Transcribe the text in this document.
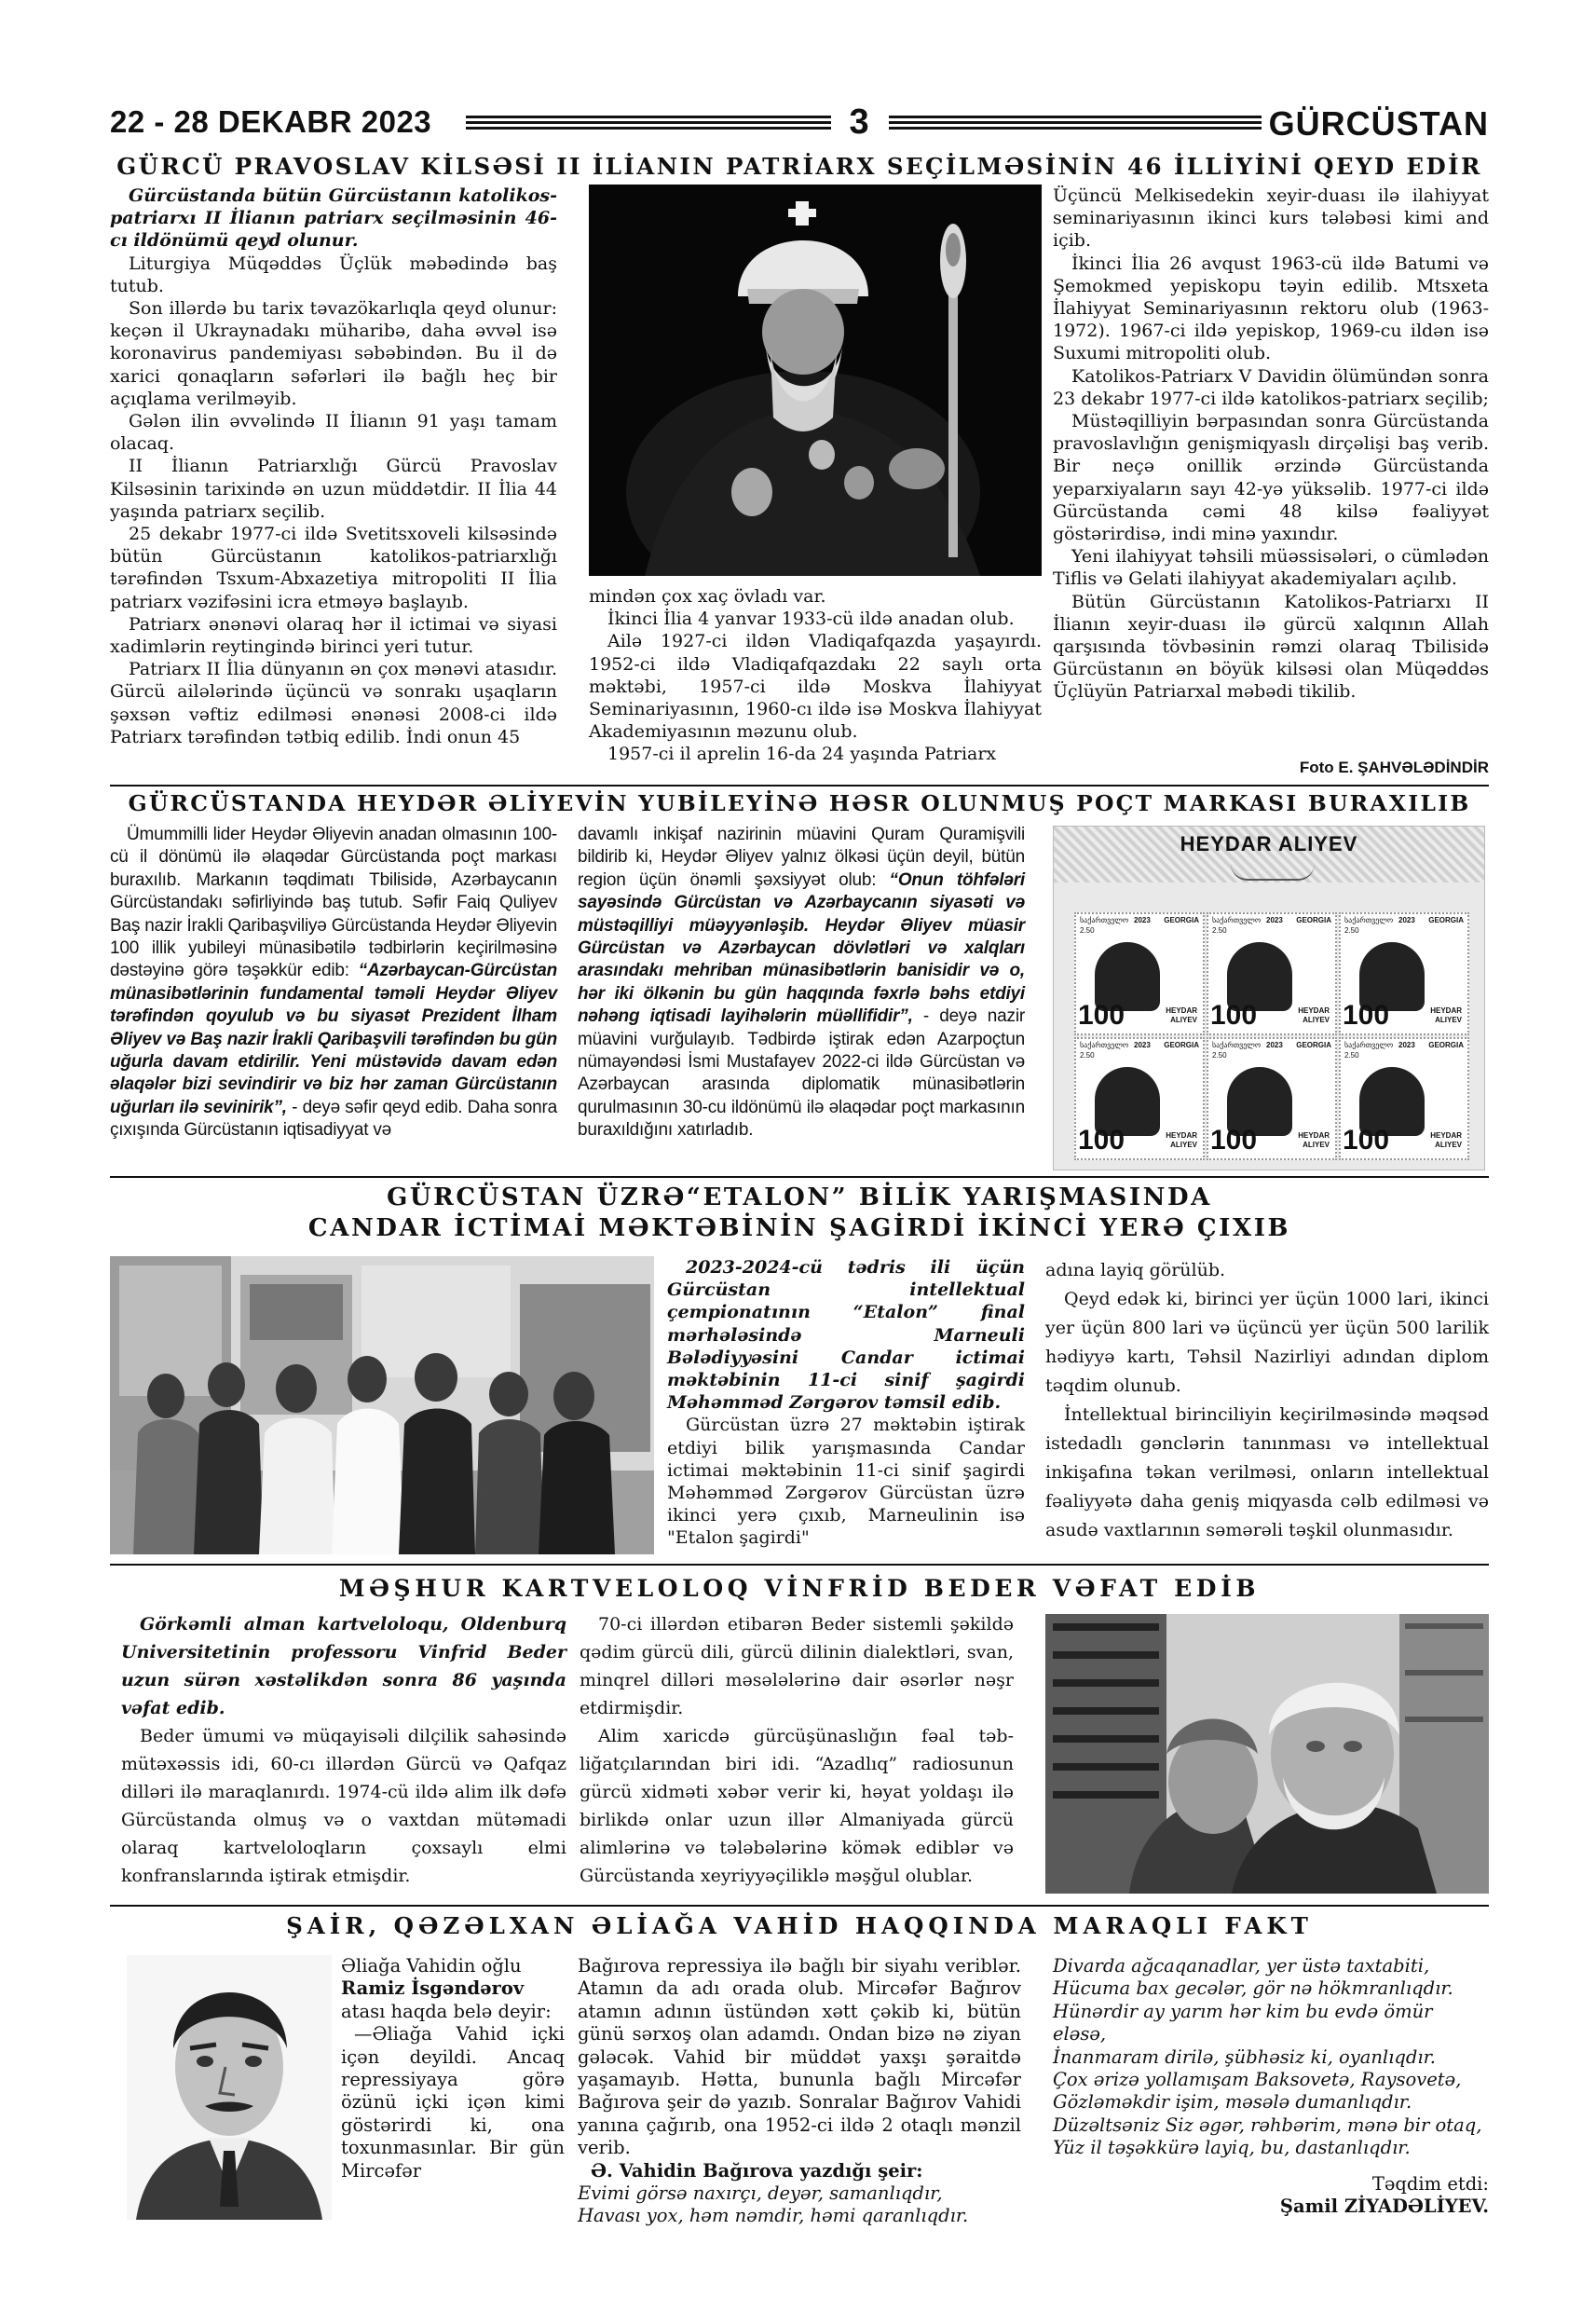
22 - 28 DEKABR 2023	3	GÜRCÜSTAN
GÜRCÜ PRAVOSLAV KİLSƏSİ II İLİANIN PATRİARX SEÇİLMƏSİNİN 46 İLLİYİNİ QEYD EDİR

Gürcüstanda bütün Gürcüstanın katolikos-patriarxı II İlianın patriarx seçilməsinin 46-cı ildönümü qeyd olunur.

Liturgiya Müqəddəs Üçlük məbədində baş tutub.

Son illərdə bu tarix təvazökarlıqla qeyd olunur: keçən il Ukraynadakı müharibə, daha əvvəl isə koronavirus pandemiyası səbəbindən. Bu il də xarici qonaqların səfərləri ilə bağlı heç bir açıqlama verilməyib.

Gələn ilin əvvəlində II İlianın 91 yaşı tamam olacaq.

II İlianın Patriarxlığı Gürcü Pravoslav Kilsəsinin tarixində ən uzun müddətdir. II İlia 44 yaşında patriarx seçilib.

25 dekabr 1977-ci ildə Svetitsxoveli kilsəsində bütün Gürcüstanın katolikos-patriarxlığı tərəfindən Tsxum-Abxazetiya mitropoliti II İlia patriarx vəzifəsini icra etməyə başlayıb.

Patriarx ənənəvi olaraq hər il ictimai və siyasi xadimlərin reytingində birinci yeri tutur.

Patriarx II İlia dünyanın ən çox mənəvi atasıdır. Gürcü ailələrində üçüncü və sonrakı uşaqların şəxsən vəftiz edilməsi ənənəsi 2008-ci ildə Patriarx tərəfindən tətbiq edilib. İndi onun 45

mindən çox xaç övladı var.

İkinci İlia 4 yanvar 1933-cü ildə anadan olub.

Ailə 1927-ci ildən Vladiqafqazda yaşayırdı. 1952-ci ildə Vladiqafqazdakı 22 saylı orta məktəbi, 1957-ci ildə Moskva İlahiyyat Seminariyasının, 1960-cı ildə isə Moskva İlahiyyat Akademiyasının məzunu olub.

1957-ci il aprelin 16-da 24 yaşında Patriarx

Üçüncü Melkisedekin xeyir-duası ilə ilahiyyat seminariyasının ikinci kurs tələbəsi kimi and içib.

İkinci İlia 26 avqust 1963-cü ildə Batumi və Şemokmed yepiskopu təyin edilib. Mtsxeta İlahiyyat Seminariyasının rektoru olub (1963-1972). 1967-ci ildə yepiskop, 1969-cu ildən isə Suxumi mitropoliti olub.

Katolikos-Patriarx V Davidin ölümündən sonra 23 dekabr 1977-ci ildə katolikos-patriarx seçilib;

Müstəqilliyin bərpasından sonra Gürcüstanda pravoslavlığın genişmiqyaslı dirçəlişi baş verib. Bir neçə onillik ərzində Gürcüstanda yeparxiyaların sayı 42-yə yüksəlib. 1977-ci ildə Gürcüstanda cəmi 48 kilsə fəaliyyət göstərirdisə, indi minə yaxındır.

Yeni ilahiyyat təhsili müəssisələri, o cümlədən Tiflis və Gelati ilahiyyat akademiyaları açılıb.

Bütün Gürcüstanın Katolikos-Patriarxı II İlianın xeyir-duası ilə gürcü xalqının Allah qarşısında tövbəsinin rəmzi olaraq Tbilisidə Gürcüstanın ən böyük kilsəsi olan Müqəddəs Üçlüyün Patriarxal məbədi tikilib.

Foto E. ŞAHVƏLƏDİNDİR
GÜRCÜSTANDA HEYDƏR ƏLİYEVİN YUBİLEYİNƏ HƏSR OLUNMUŞ POÇT MARKASI BURAXILIB

Ümummilli lider Heydər Əliyevin anadan olmasının 100-cü il dönümü ilə əlaqədar Gürcüstanda poçt markası buraxılıb. Markanın təqdimatı Tbilisidə, Azərbaycanın Gürcüstandakı səfirliyində baş tutub. Səfir Faiq Quliyev Baş nazir İrakli Qaribaşviliyə Gürcüstanda Heydər Əliyevin 100 illik yubileyi münasibətilə tədbirlərin keçirilməsinə dəstəyinə görə təşəkkür edib: “Azərbaycan-Gürcüstan münasibətlərinin fundamental təməli Heydər Əliyev tərəfindən qoyulub və bu siyasət Prezident İlham Əliyev və Baş nazir İrakli Qaribaşvili tərəfindən bu gün uğurla davam etdirilir. Yeni müstəvidə davam edən əlaqələr bizi sevindirir və biz hər zaman Gürcüstanın uğurları ilə sevinirik”, - deyə səfir qeyd edib. Daha sonra çıxışında Gürcüstanın iqtisadiyyat və

davamlı inkişaf nazirinin müavini Quram Quramişvili bildirib ki, Heydər Əliyev yalnız ölkəsi üçün deyil, bütün region üçün önəmli şəxsiyyət olub: “Onun töhfələri sayəsində Gürcüstan və Azərbaycanın siyasəti və müstəqilliyi müəyyənləşib. Heydər Əliyev müasir Gürcüstan və Azərbaycan dövlətləri və xalqları arasındakı mehriban münasibətlərin banisidir və o, hər iki ölkənin bu gün haqqında fəxrlə bəhs etdiyi nəhəng iqtisadi layihələrin müəllifidir”, - deyə nazir müavini vurğulayıb. Tədbirdə iştirak edən Azarpoçtun nümayəndəsi İsmi Mustafayev 2022-ci ildə Gürcüstan və Azərbaycan arasında diplomatik münasibətlərin qurulmasının 30-cu ildönümü ilə əlaqədar poçt markasının buraxıldığını xatırladıb.

HEYDAR ALIYEV
საქართველო 2023 GEORGIA
2.50
100	HEYDAR
ALIYEV
საქართველო 2023 GEORGIA
2.50
100	HEYDAR
ALIYEV
საქართველო 2023 GEORGIA
2.50
100	HEYDAR
ALIYEV
საქართველო 2023 GEORGIA
2.50
100	HEYDAR
ALIYEV
საქართველო 2023 GEORGIA
2.50
100	HEYDAR
ALIYEV
საქართველო 2023 GEORGIA
2.50
100	HEYDAR
ALIYEV
GÜRCÜSTAN ÜZRƏ“ETALON” BİLİK YARIŞMASINDA
CANDAR İCTİMAİ MƏKTƏBİNİN ŞAGİRDİ İKİNCİ YERƏ ÇIXIB

2023-2024-cü tədris ili üçün Gürcüstan intellektual çempionatının “Etalon” final mərhələsində Marneuli Bələdiyyəsini Candar ictimai məktəbinin 11-ci sinif şagirdi Məhəmməd Zərgərov təmsil edib.

Gürcüstan üzrə 27 məktəbin iştirak etdiyi bilik yarışmasında Candar ictimai məktəbinin 11-ci sinif şagirdi Məhəmməd Zərgərov Gürcüstan üzrə ikinci yerə çıxıb, Marneulinin isə "Etalon şagirdi"

adına layiq görülüb.

Qeyd edək ki, birinci yer üçün 1000 lari, ikinci yer üçün 800 lari və üçüncü yer üçün 500 larilik hədiyyə kartı, Təhsil Nazirliyi adından diplom təqdim olunub.

İntellektual birinciliyin keçirilməsində məqsəd istedadlı gənclərin tanınması və intellektual inkişafına təkan verilməsi, onların intellektual fəaliyyətə daha geniş miqyasda cəlb edilməsi və asudə vaxtlarının səmərəli təşkil olunmasıdır.

MƏŞHUR KARTVELOLOQ VİNFRİD BEDER VƏFAT EDİB

Görkəmli alman kartveloloqu, Oldenburq Universitetinin professoru Vinfrid Beder uzun sürən xəstəlikdən sonra 86 yaşında vəfat edib.

Beder ümumi və müqayisəli dilçilik sahəsində mütəxəssis idi, 60-cı illərdən Gürcü və Qafqaz dilləri ilə maraqlanırdı. 1974-cü ildə alim ilk dəfə Gürcüstanda olmuş və o vaxtdan mütəmadi olaraq kartveloloqların çoxsaylı elmi konfranslarında iştirak etmişdir.

70-ci illərdən etibarən Beder sistemli şəkildə qədim gürcü dili, gürcü dilinin dialektləri, svan, minqrel dilləri məsələlərinə dair əsərlər nəşr etdirmişdir.

Alim xaricdə gürcüşünaslığın fəal təbliğatçılarından biri idi. “Azadlıq” radiosunun gürcü xidməti xəbər verir ki, həyat yoldaşı ilə birlikdə onlar uzun illər Almaniyada gürcü alimlərinə və tələbələrinə kömək ediblər və Gürcüstanda xeyriyyəçiliklə məşğul olublar.

ŞAİR, QƏZƏLXAN ƏLİAĞA VAHİD HAQQINDA MARAQLI FAKT

Əliağa Vahidin oğlu Ramiz İsgəndərov atası haqda belə deyir:

—Əliağa Vahid içki içən deyildi. Ancaq repressiyaya görə özünü içki içən kimi göstərirdi ki, ona toxunmasınlar. Bir gün Mircəfər

Bağırova repressiya ilə bağlı bir siyahı veriblər. Atamın da adı orada olub. Mircəfər Bağırov atamın adının üstündən xətt çəkib ki, bütün günü sərxoş olan adamdı. Ondan bizə nə ziyan gələcək. Vahid bir müddət yaxşı şəraitdə yaşamayıb. Hətta, bununla bağlı Mircəfər Bağırova şeir də yazıb. Sonralar Bağırov Vahidi yanına çağırıb, ona 1952-ci ildə 2 otaqlı mənzil verib.

Ə. Vahidin Bağırova yazdığı şeir:

Evimi görsə naxırçı, deyər, samanlıqdır,

Havası yox, həm nəmdir, həmi qaranlıqdır.

Divarda ağcaqanadlar, yer üstə taxtabiti,

Hücuma bax gecələr, gör nə hökmranlıqdır.

Hünərdir ay yarım hər kim bu evdə ömür eləsə,

İnanmaram dirilə, şübhəsiz ki, oyanlıqdır.

Çox ərizə yollamışam Baksovetə, Raysovetə,

Gözləməkdir işim, məsələ dumanlıqdır.

Düzəltsəniz Siz əgər, rəhbərim, mənə bir otaq,

Yüz il təşəkkürə layiq, bu, dastanlıqdır.

Təqdim etdi:

Şamil ZİYADƏLİYEV.
